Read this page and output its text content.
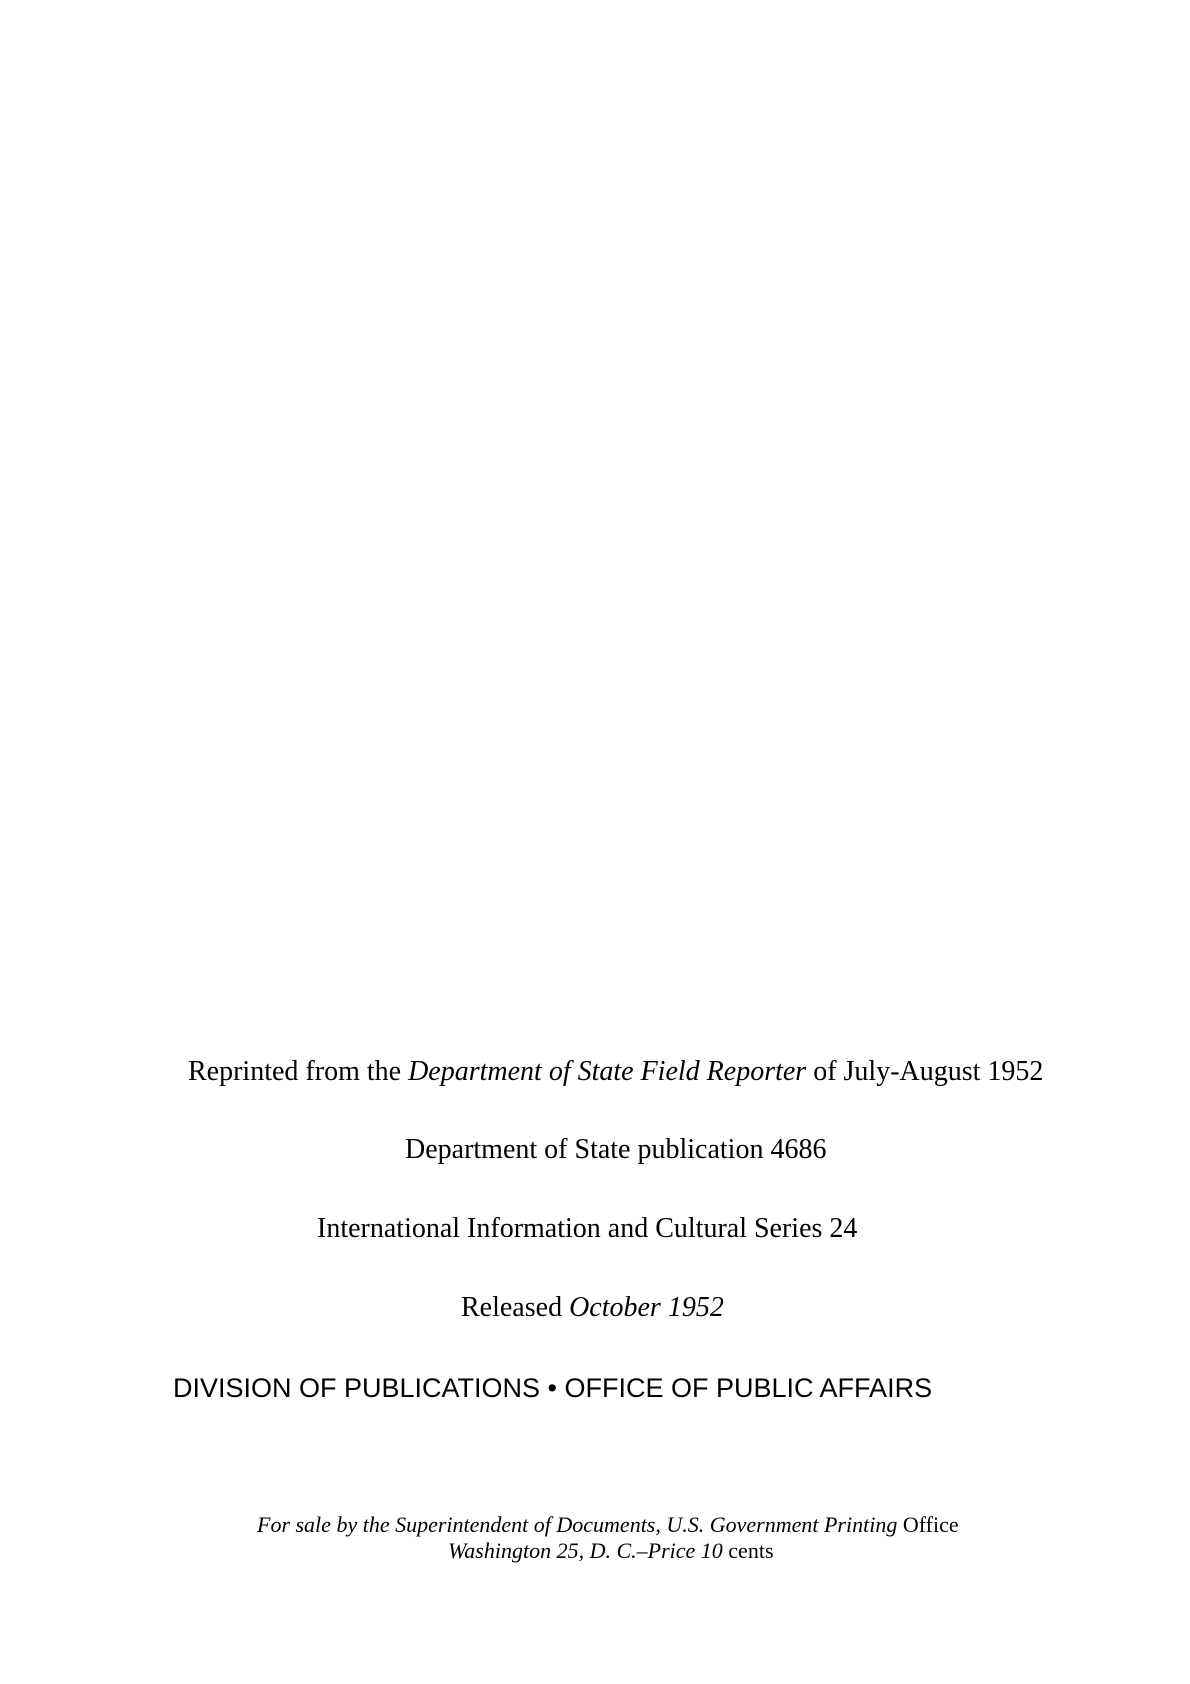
Reprinted from the Department of State Field Reporter of July-August 1952
Department of State publication 4686
International Information and Cultural Series 24
Released October 1952
DIVISION OF PUBLICATIONS • OFFICE OF PUBLIC AFFAIRS
For sale by the Superintendent of Documents, U.S. Government Printing Office
Washington 25, D. C.–Price 10 cents
